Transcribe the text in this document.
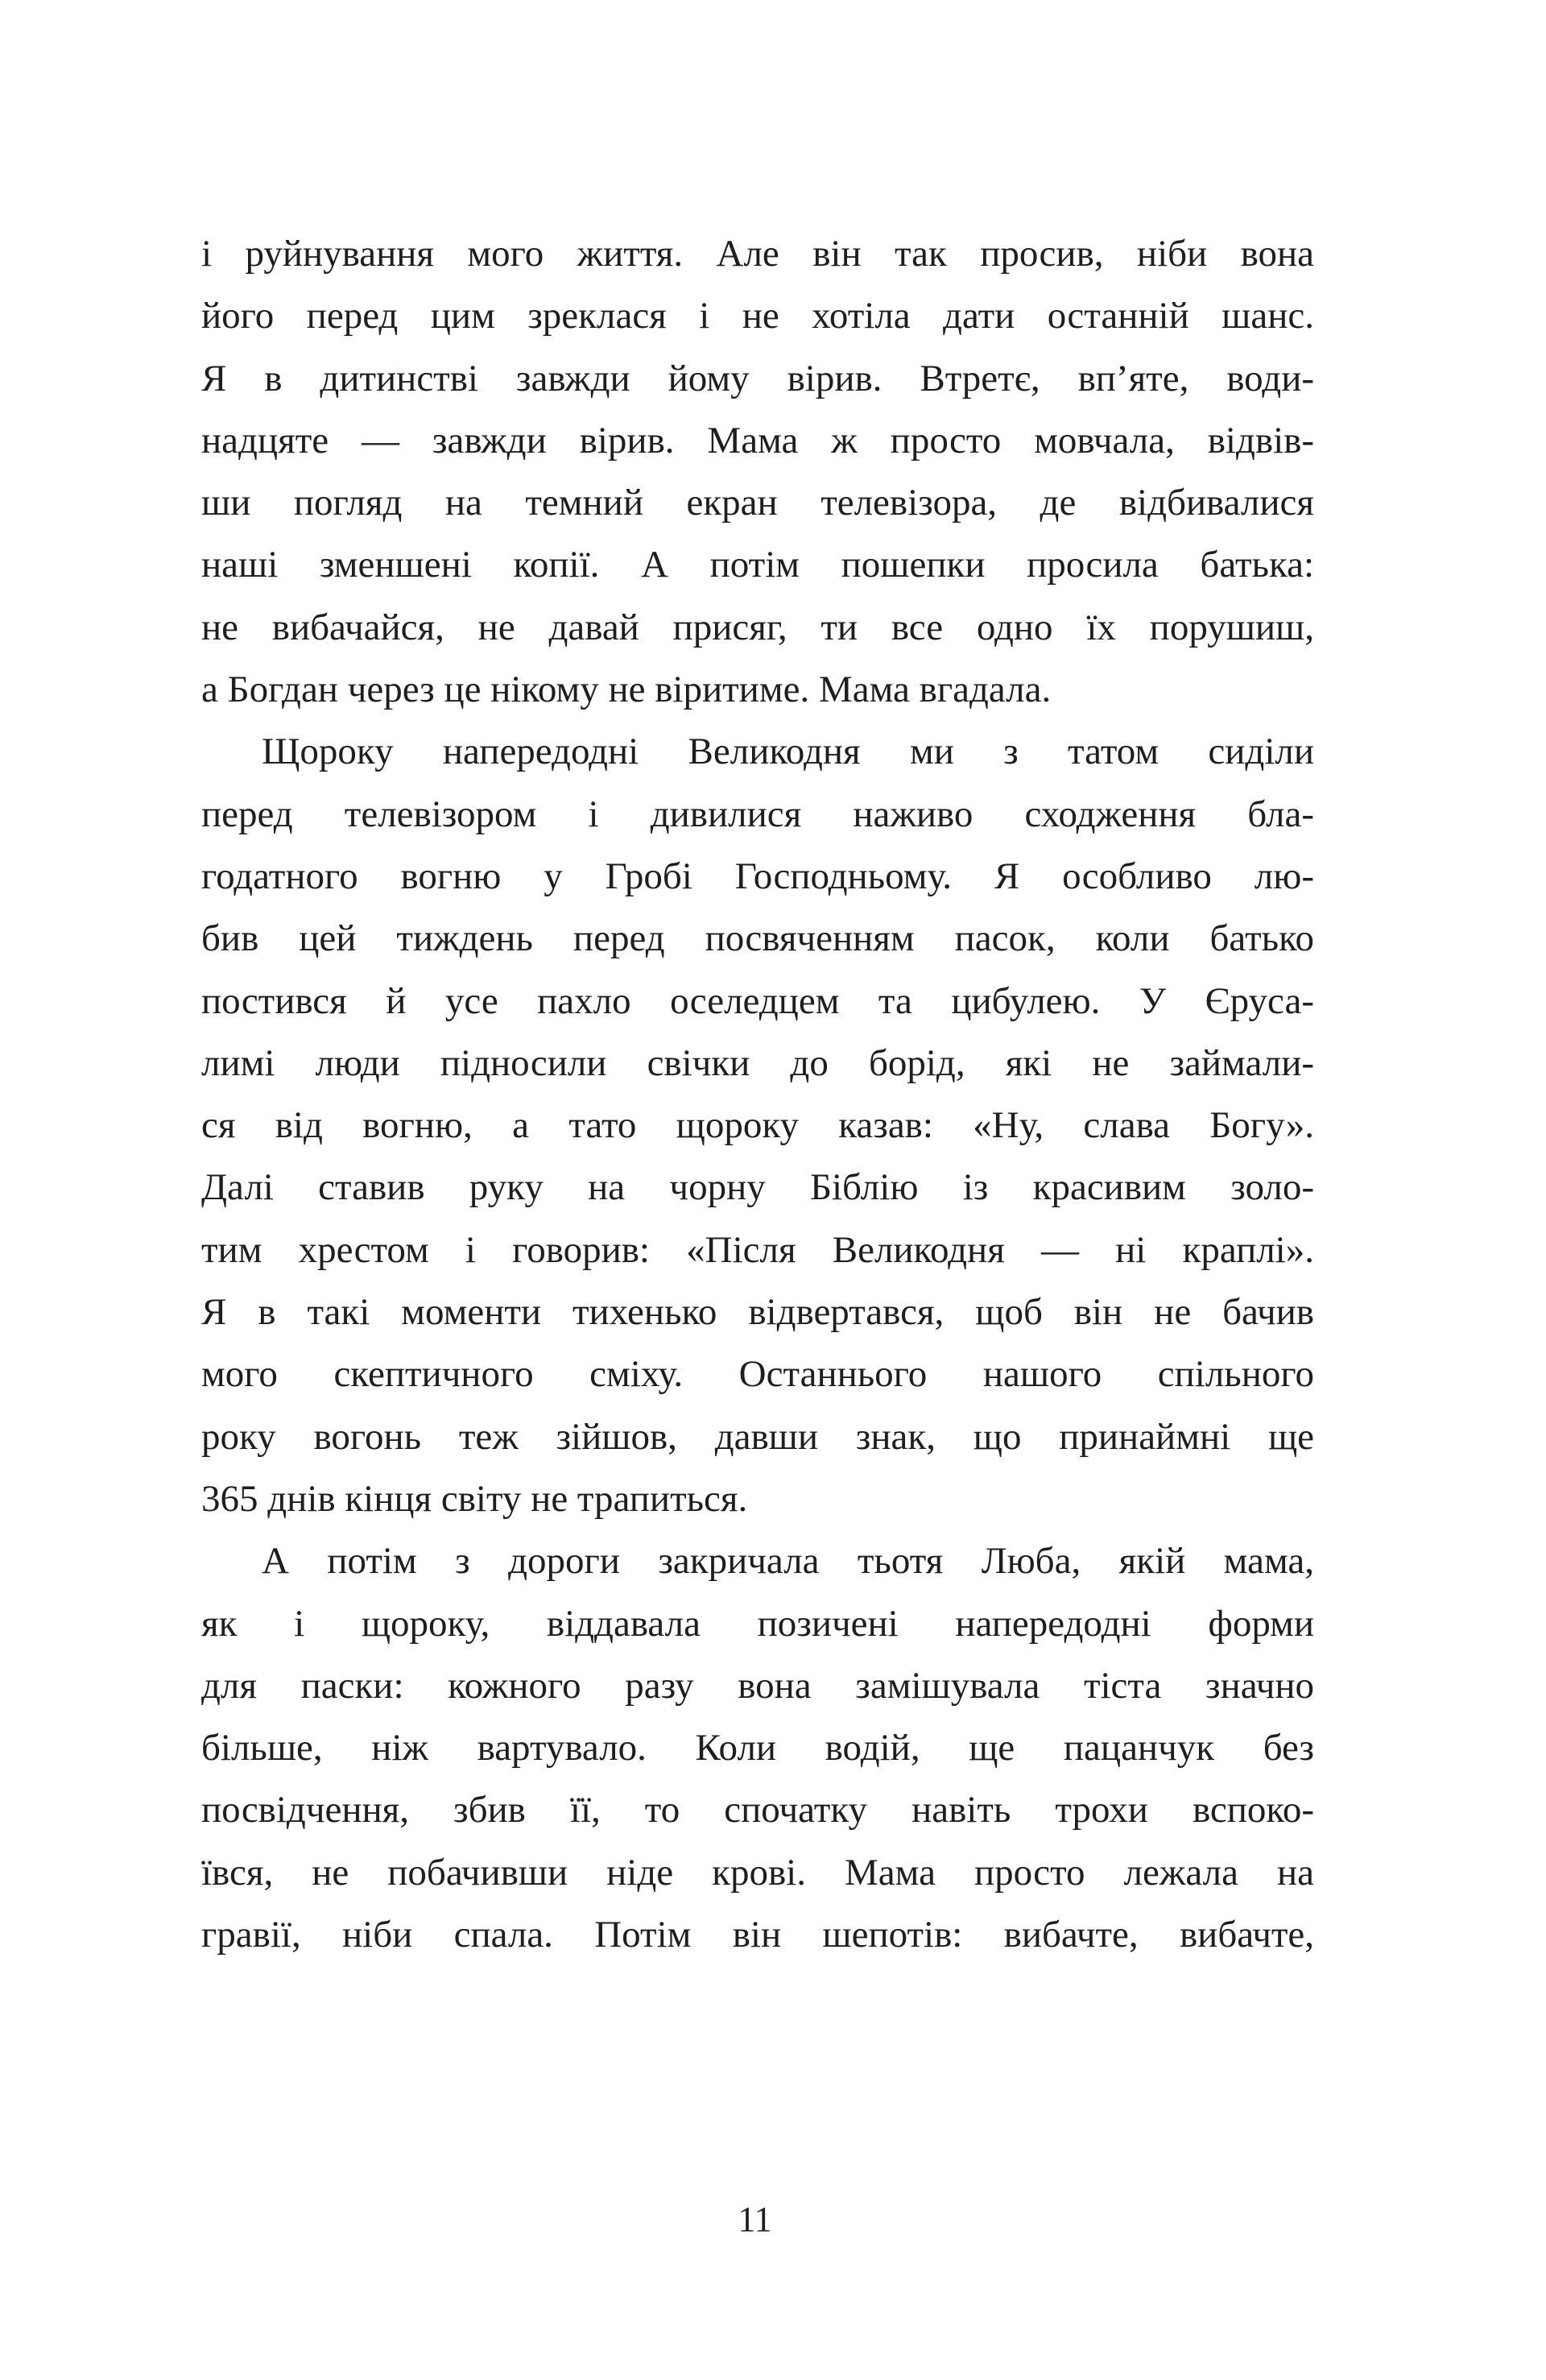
і руйнування мого життя. Але він так просив, ніби вона
його перед цим зреклася і не хотіла дати останній шанс.
Я в дитинстві завжди йому вірив. Втретє, вп’яте, води-
надцяте — завжди вірив. Мама ж просто мовчала, відвів-
ши погляд на темний екран телевізора, де відбивалися
наші зменшені копії. А потім пошепки просила батька:
не вибачайся, не давай присяг, ти все одно їх порушиш,
а Богдан через це нікому не віритиме. Мама вгадала.
Щороку напередодні Великодня ми з татом сиділи
перед телевізором і дивилися наживо сходження бла-
годатного вогню у Гробі Господньому. Я особливо лю-
бив цей тиждень перед посвяченням пасок, коли батько
постився й усе пахло оселедцем та цибулею. У Єруса-
лимі люди підносили свічки до борід, які не займали-
ся від вогню, а тато щороку казав: «Ну, слава Богу».
Далі ставив руку на чорну Біблію із красивим золо-
тим хрестом і говорив: «Після Великодня — ні краплі».
Я в такі моменти тихенько відвертався, щоб він не бачив
мого скептичного сміху. Останнього нашого спільного
року вогонь теж зійшов, давши знак, що принаймні ще
365 днів кінця світу не трапиться.
А потім з дороги закричала тьотя Люба, якій мама,
як і щороку, віддавала позичені напередодні форми
для паски: кожного разу вона замішувала тіста значно
більше, ніж вартувало. Коли водій, ще пацанчук без
посвідчення, збив її, то спочатку навіть трохи вспоко-
ївся, не побачивши ніде крові. Мама просто лежала на
гравії, ніби спала. Потім він шепотів: вибачте, вибачте,
11
